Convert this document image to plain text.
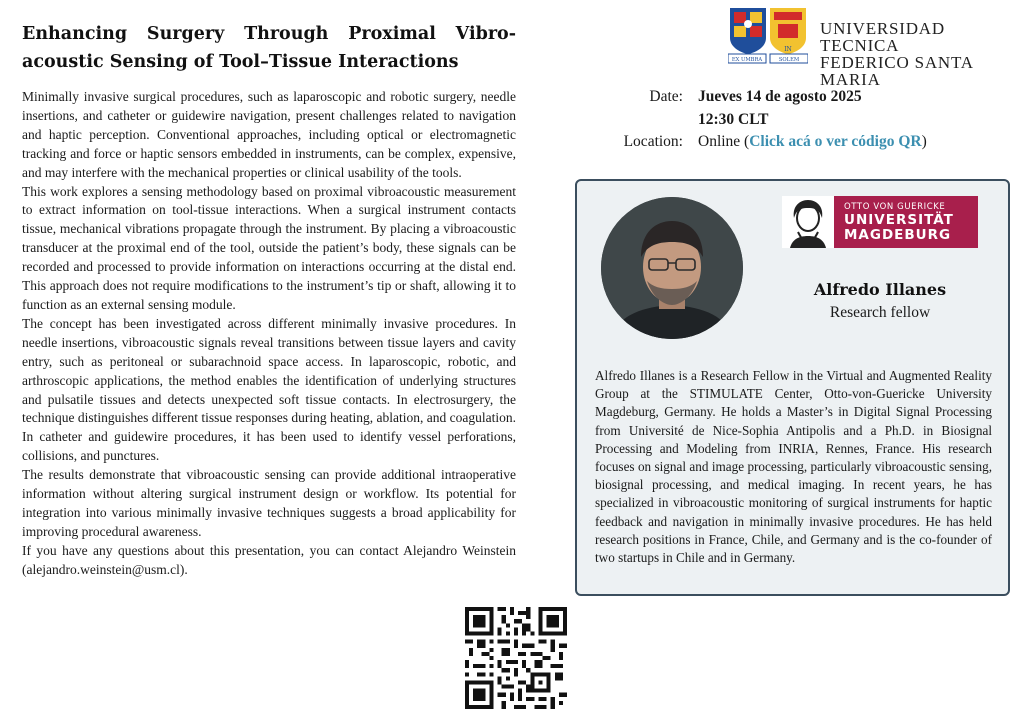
Enhancing Surgery Through Proximal Vibro-acoustic Sensing of Tool–Tissue Interactions

Minimally invasive surgical procedures, such as laparoscopic and robotic surgery, needle insertions, and catheter or guidewire navigation, present challenges related to navigation and haptic perception. Conventional approaches, including optical or electromagnetic tracking and force or haptic sensors embedded in instruments, can be complex, expensive, and may interfere with the mechanical properties or clinical usability of the tools.

This work explores a sensing methodology based on proximal vibroacoustic measurement to extract information on tool-tissue interactions. When a surgical instrument contacts tissue, mechanical vibrations propagate through the instrument. By placing a vibroacoustic transducer at the proximal end of the tool, outside the patient’s body, these signals can be recorded and processed to provide information on interactions occurring at the distal end. This approach does not require modifications to the instrument’s tip or shaft, allowing it to function as an external sensing module.

The concept has been investigated across different minimally invasive procedures. In needle insertions, vibroacoustic signals reveal transitions between tissue layers and cavity entry, such as peritoneal or subarachnoid space access. In laparoscopic, robotic, and arthroscopic applications, the method enables the identification of underlying structures and pulsatile tissues and detects unexpected soft tissue contacts. In electrosurgery, the technique distinguishes different tissue responses during heating, ablation, and coagulation. In catheter and guidewire procedures, it has been used to identify vessel perforations, collisions, and punctures.

The results demonstrate that vibroacoustic sensing can provide additional intraoperative information without altering surgical instrument design or workflow. Its potential for integration into various minimally invasive techniques suggests a broad applicability for improving procedural awareness.

If you have any questions about this presentation, you can contact Alejandro Weinstein (alejandro.weinstein@usm.cl).

EX UMBRA	SOLEM
IN
UNIVERSIDAD TECNICA
FEDERICO SANTA MARIA
Date: Jueves 14 de agosto 2025
12:30 CLT
Location: Online (Click acá o ver código QR)
OTTO VON GUERICKE
UNIVERSITÄT
MAGDEBURG
Alfredo Illanes
Research fellow

Alfredo Illanes is a Research Fellow in the Virtual and Augmented Reality Group at the STIMULATE Center, Otto-von-Guericke University Magdeburg, Germany. He holds a Master’s in Digital Signal Processing from Université de Nice-Sophia Antipolis and a Ph.D. in Biosignal Processing and Modeling from INRIA, Rennes, France. His research focuses on signal and image processing, particularly vibroacoustic sensing, biosignal processing, and medical imaging. In recent years, he has specialized in vibroacoustic monitoring of surgical instruments for haptic feedback and navigation in minimally invasive procedures. He has held research positions in France, Chile, and Germany and is the co-founder of two startups in Chile and in Germany.
